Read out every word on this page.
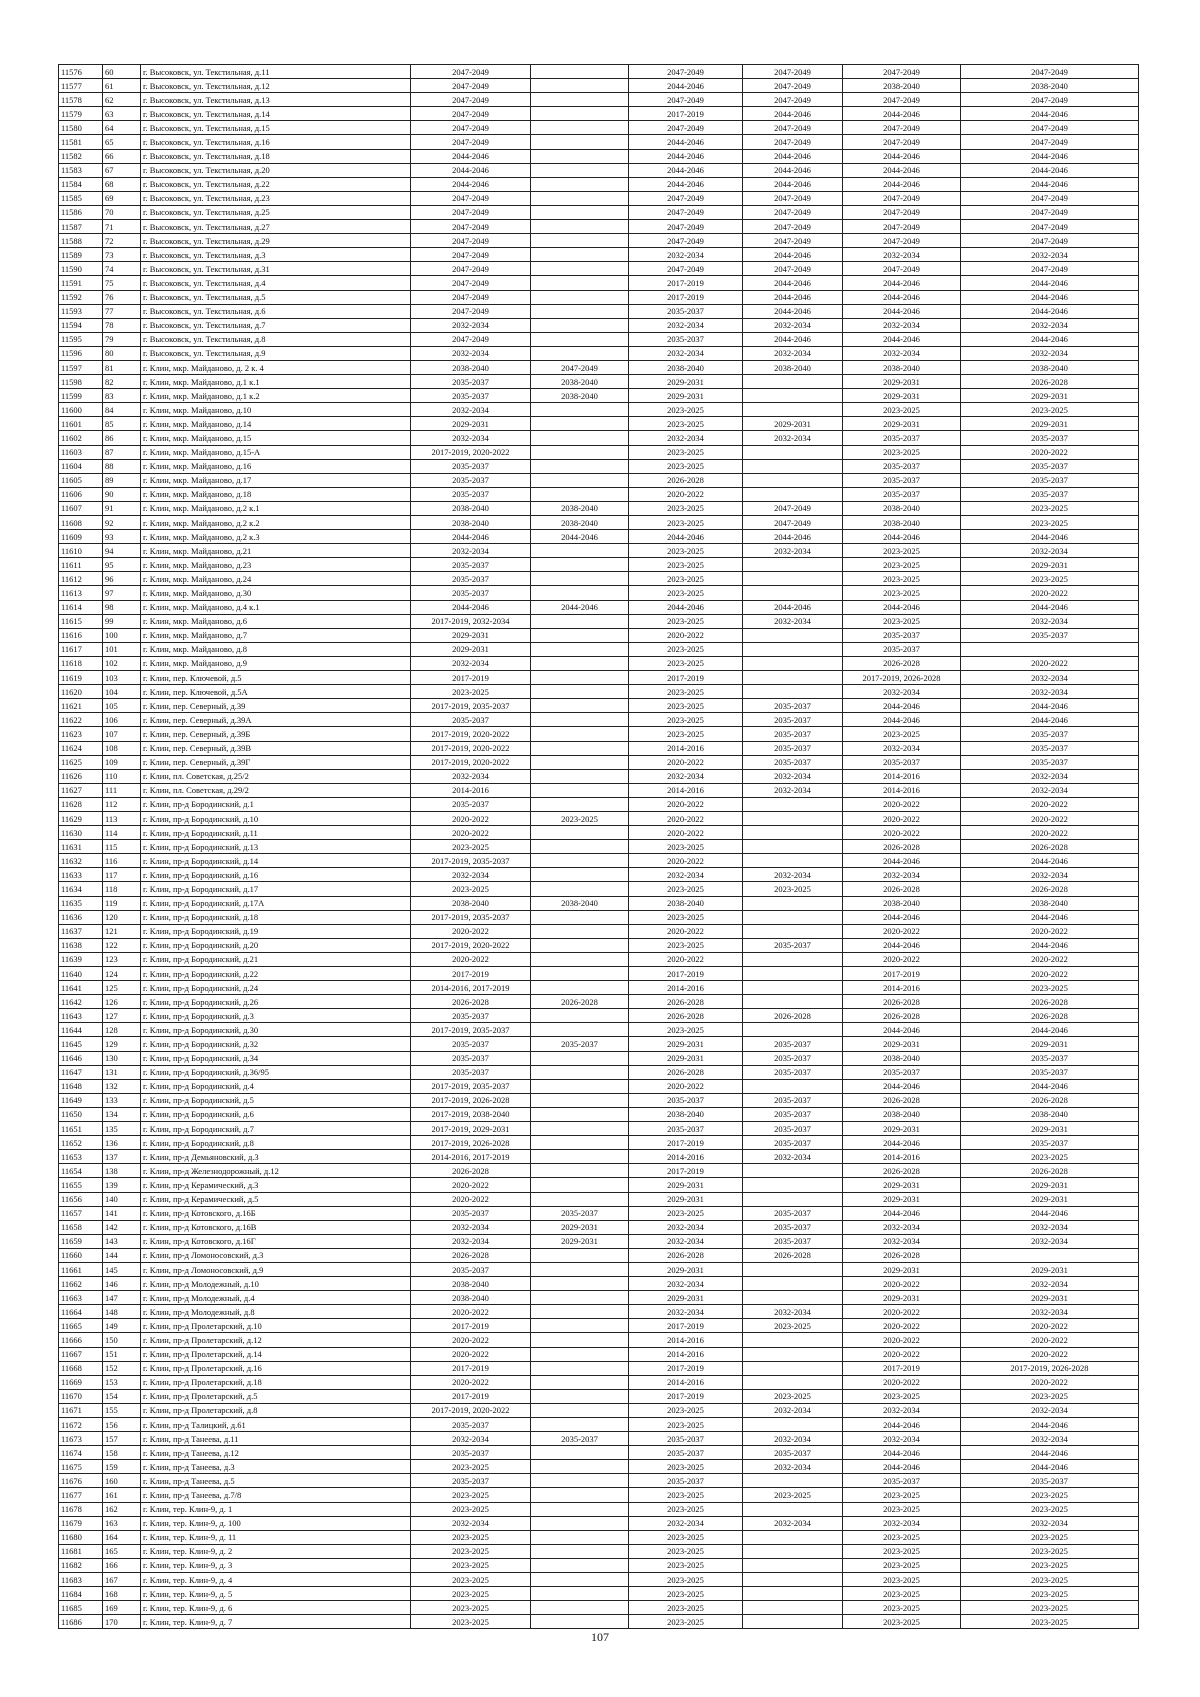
11576	60	г. Высоковск, ул. Текстильная, д.11	2047-2049		2047-2049	2047-2049	2047-2049	2047-2049
11577	61	г. Высоковск, ул. Текстильная, д.12	2047-2049		2044-2046	2047-2049	2038-2040	2038-2040
11578	62	г. Высоковск, ул. Текстильная, д.13	2047-2049		2047-2049	2047-2049	2047-2049	2047-2049
11579	63	г. Высоковск, ул. Текстильная, д.14	2047-2049		2017-2019	2044-2046	2044-2046	2044-2046
11580	64	г. Высоковск, ул. Текстильная, д.15	2047-2049		2047-2049	2047-2049	2047-2049	2047-2049
11581	65	г. Высоковск, ул. Текстильная, д.16	2047-2049		2044-2046	2047-2049	2047-2049	2047-2049
11582	66	г. Высоковск, ул. Текстильная, д.18	2044-2046		2044-2046	2044-2046	2044-2046	2044-2046
11583	67	г. Высоковск, ул. Текстильная, д.20	2044-2046		2044-2046	2044-2046	2044-2046	2044-2046
11584	68	г. Высоковск, ул. Текстильная, д.22	2044-2046		2044-2046	2044-2046	2044-2046	2044-2046
11585	69	г. Высоковск, ул. Текстильная, д.23	2047-2049		2047-2049	2047-2049	2047-2049	2047-2049
11586	70	г. Высоковск, ул. Текстильная, д.25	2047-2049		2047-2049	2047-2049	2047-2049	2047-2049
11587	71	г. Высоковск, ул. Текстильная, д.27	2047-2049		2047-2049	2047-2049	2047-2049	2047-2049
11588	72	г. Высоковск, ул. Текстильная, д.29	2047-2049		2047-2049	2047-2049	2047-2049	2047-2049
11589	73	г. Высоковск, ул. Текстильная, д.3	2047-2049		2032-2034	2044-2046	2032-2034	2032-2034
11590	74	г. Высоковск, ул. Текстильная, д.31	2047-2049		2047-2049	2047-2049	2047-2049	2047-2049
11591	75	г. Высоковск, ул. Текстильная, д.4	2047-2049		2017-2019	2044-2046	2044-2046	2044-2046
11592	76	г. Высоковск, ул. Текстильная, д.5	2047-2049		2017-2019	2044-2046	2044-2046	2044-2046
11593	77	г. Высоковск, ул. Текстильная, д.6	2047-2049		2035-2037	2044-2046	2044-2046	2044-2046
11594	78	г. Высоковск, ул. Текстильная, д.7	2032-2034		2032-2034	2032-2034	2032-2034	2032-2034
11595	79	г. Высоковск, ул. Текстильная, д.8	2047-2049		2035-2037	2044-2046	2044-2046	2044-2046
11596	80	г. Высоковск, ул. Текстильная, д.9	2032-2034		2032-2034	2032-2034	2032-2034	2032-2034
11597	81	г. Клин, мкр. Майданово, д. 2 к. 4	2038-2040	2047-2049	2038-2040	2038-2040	2038-2040	2038-2040
11598	82	г. Клин, мкр. Майданово, д.1 к.1	2035-2037	2038-2040	2029-2031		2029-2031	2026-2028
11599	83	г. Клин, мкр. Майданово, д.1 к.2	2035-2037	2038-2040	2029-2031		2029-2031	2029-2031
11600	84	г. Клин, мкр. Майданово, д.10	2032-2034		2023-2025		2023-2025	2023-2025
11601	85	г. Клин, мкр. Майданово, д.14	2029-2031		2023-2025	2029-2031	2029-2031	2029-2031
11602	86	г. Клин, мкр. Майданово, д.15	2032-2034		2032-2034	2032-2034	2035-2037	2035-2037
11603	87	г. Клин, мкр. Майданово, д.15-А	2017-2019, 2020-2022		2023-2025		2023-2025	2020-2022
11604	88	г. Клин, мкр. Майданово, д.16	2035-2037		2023-2025		2035-2037	2035-2037
11605	89	г. Клин, мкр. Майданово, д.17	2035-2037		2026-2028		2035-2037	2035-2037
11606	90	г. Клин, мкр. Майданово, д.18	2035-2037		2020-2022		2035-2037	2035-2037
11607	91	г. Клин, мкр. Майданово, д.2 к.1	2038-2040	2038-2040	2023-2025	2047-2049	2038-2040	2023-2025
11608	92	г. Клин, мкр. Майданово, д.2 к.2	2038-2040	2038-2040	2023-2025	2047-2049	2038-2040	2023-2025
11609	93	г. Клин, мкр. Майданово, д.2 к.3	2044-2046	2044-2046	2044-2046	2044-2046	2044-2046	2044-2046
11610	94	г. Клин, мкр. Майданово, д.21	2032-2034		2023-2025	2032-2034	2023-2025	2032-2034
11611	95	г. Клин, мкр. Майданово, д.23	2035-2037		2023-2025		2023-2025	2029-2031
11612	96	г. Клин, мкр. Майданово, д.24	2035-2037		2023-2025		2023-2025	2023-2025
11613	97	г. Клин, мкр. Майданово, д.30	2035-2037		2023-2025		2023-2025	2020-2022
11614	98	г. Клин, мкр. Майданово, д.4 к.1	2044-2046	2044-2046	2044-2046	2044-2046	2044-2046	2044-2046
11615	99	г. Клин, мкр. Майданово, д.6	2017-2019, 2032-2034		2023-2025	2032-2034	2023-2025	2032-2034
11616	100	г. Клин, мкр. Майданово, д.7	2029-2031		2020-2022		2035-2037	2035-2037
11617	101	г. Клин, мкр. Майданово, д.8	2029-2031		2023-2025		2035-2037	
11618	102	г. Клин, мкр. Майданово, д.9	2032-2034		2023-2025		2026-2028	2020-2022
11619	103	г. Клин, пер. Ключевой, д.5	2017-2019		2017-2019		2017-2019, 2026-2028	2032-2034
11620	104	г. Клин, пер. Ключевой, д.5А	2023-2025		2023-2025		2032-2034	2032-2034
11621	105	г. Клин, пер. Северный, д.39	2017-2019, 2035-2037		2023-2025	2035-2037	2044-2046	2044-2046
11622	106	г. Клин, пер. Северный, д.39А	2035-2037		2023-2025	2035-2037	2044-2046	2044-2046
11623	107	г. Клин, пер. Северный, д.39Б	2017-2019, 2020-2022		2023-2025	2035-2037	2023-2025	2035-2037
11624	108	г. Клин, пер. Северный, д.39В	2017-2019, 2020-2022		2014-2016	2035-2037	2032-2034	2035-2037
11625	109	г. Клин, пер. Северный, д.39Г	2017-2019, 2020-2022		2020-2022	2035-2037	2035-2037	2035-2037
11626	110	г. Клин, пл. Советская, д.25/2	2032-2034		2032-2034	2032-2034	2014-2016	2032-2034
11627	111	г. Клин, пл. Советская, д.29/2	2014-2016		2014-2016	2032-2034	2014-2016	2032-2034
11628	112	г. Клин, пр-д Бородинский, д.1	2035-2037		2020-2022		2020-2022	2020-2022
11629	113	г. Клин, пр-д Бородинский, д.10	2020-2022	2023-2025	2020-2022		2020-2022	2020-2022
11630	114	г. Клин, пр-д Бородинский, д.11	2020-2022		2020-2022		2020-2022	2020-2022
11631	115	г. Клин, пр-д Бородинский, д.13	2023-2025		2023-2025		2026-2028	2026-2028
11632	116	г. Клин, пр-д Бородинский, д.14	2017-2019, 2035-2037		2020-2022		2044-2046	2044-2046
11633	117	г. Клин, пр-д Бородинский, д.16	2032-2034		2032-2034	2032-2034	2032-2034	2032-2034
11634	118	г. Клин, пр-д Бородинский, д.17	2023-2025		2023-2025	2023-2025	2026-2028	2026-2028
11635	119	г. Клин, пр-д Бородинский, д.17А	2038-2040	2038-2040	2038-2040		2038-2040	2038-2040
11636	120	г. Клин, пр-д Бородинский, д.18	2017-2019, 2035-2037		2023-2025		2044-2046	2044-2046
11637	121	г. Клин, пр-д Бородинский, д.19	2020-2022		2020-2022		2020-2022	2020-2022
11638	122	г. Клин, пр-д Бородинский, д.20	2017-2019, 2020-2022		2023-2025	2035-2037	2044-2046	2044-2046
11639	123	г. Клин, пр-д Бородинский, д.21	2020-2022		2020-2022		2020-2022	2020-2022
11640	124	г. Клин, пр-д Бородинский, д.22	2017-2019		2017-2019		2017-2019	2020-2022
11641	125	г. Клин, пр-д Бородинский, д.24	2014-2016, 2017-2019		2014-2016		2014-2016	2023-2025
11642	126	г. Клин, пр-д Бородинский, д.26	2026-2028	2026-2028	2026-2028		2026-2028	2026-2028
11643	127	г. Клин, пр-д Бородинский, д.3	2035-2037		2026-2028	2026-2028	2026-2028	2026-2028
11644	128	г. Клин, пр-д Бородинский, д.30	2017-2019, 2035-2037		2023-2025		2044-2046	2044-2046
11645	129	г. Клин, пр-д Бородинский, д.32	2035-2037	2035-2037	2029-2031	2035-2037	2029-2031	2029-2031
11646	130	г. Клин, пр-д Бородинский, д.34	2035-2037		2029-2031	2035-2037	2038-2040	2035-2037
11647	131	г. Клин, пр-д Бородинский, д.36/95	2035-2037		2026-2028	2035-2037	2035-2037	2035-2037
11648	132	г. Клин, пр-д Бородинский, д.4	2017-2019, 2035-2037		2020-2022		2044-2046	2044-2046
11649	133	г. Клин, пр-д Бородинский, д.5	2017-2019, 2026-2028		2035-2037	2035-2037	2026-2028	2026-2028
11650	134	г. Клин, пр-д Бородинский, д.6	2017-2019, 2038-2040		2038-2040	2035-2037	2038-2040	2038-2040
11651	135	г. Клин, пр-д Бородинский, д.7	2017-2019, 2029-2031		2035-2037	2035-2037	2029-2031	2029-2031
11652	136	г. Клин, пр-д Бородинский, д.8	2017-2019, 2026-2028		2017-2019	2035-2037	2044-2046	2035-2037
11653	137	г. Клин, пр-д Демьяновский, д.3	2014-2016, 2017-2019		2014-2016	2032-2034	2014-2016	2023-2025
11654	138	г. Клин, пр-д Железнодорожный, д.12	2026-2028		2017-2019		2026-2028	2026-2028
11655	139	г. Клин, пр-д Керамический, д.3	2020-2022		2029-2031		2029-2031	2029-2031
11656	140	г. Клин, пр-д Керамический, д.5	2020-2022		2029-2031		2029-2031	2029-2031
11657	141	г. Клин, пр-д Котовского, д.16Б	2035-2037	2035-2037	2023-2025	2035-2037	2044-2046	2044-2046
11658	142	г. Клин, пр-д Котовского, д.16В	2032-2034	2029-2031	2032-2034	2035-2037	2032-2034	2032-2034
11659	143	г. Клин, пр-д Котовского, д.16Г	2032-2034	2029-2031	2032-2034	2035-2037	2032-2034	2032-2034
11660	144	г. Клин, пр-д Ломоносовский, д.3	2026-2028		2026-2028	2026-2028	2026-2028	
11661	145	г. Клин, пр-д Ломоносовский, д.9	2035-2037		2029-2031		2029-2031	2029-2031
11662	146	г. Клин, пр-д Молодежный, д.10	2038-2040		2032-2034		2020-2022	2032-2034
11663	147	г. Клин, пр-д Молодежный, д.4	2038-2040		2029-2031		2029-2031	2029-2031
11664	148	г. Клин, пр-д Молодежный, д.8	2020-2022		2032-2034	2032-2034	2020-2022	2032-2034
11665	149	г. Клин, пр-д Пролетарский, д.10	2017-2019		2017-2019	2023-2025	2020-2022	2020-2022
11666	150	г. Клин, пр-д Пролетарский, д.12	2020-2022		2014-2016		2020-2022	2020-2022
11667	151	г. Клин, пр-д Пролетарский, д.14	2020-2022		2014-2016		2020-2022	2020-2022
11668	152	г. Клин, пр-д Пролетарский, д.16	2017-2019		2017-2019		2017-2019	2017-2019, 2026-2028
11669	153	г. Клин, пр-д Пролетарский, д.18	2020-2022		2014-2016		2020-2022	2020-2022
11670	154	г. Клин, пр-д Пролетарский, д.5	2017-2019		2017-2019	2023-2025	2023-2025	2023-2025
11671	155	г. Клин, пр-д Пролетарский, д.8	2017-2019, 2020-2022		2023-2025	2032-2034	2032-2034	2032-2034
11672	156	г. Клин, пр-д Талицкий, д.61	2035-2037		2023-2025		2044-2046	2044-2046
11673	157	г. Клин, пр-д Танеева, д.11	2032-2034	2035-2037	2035-2037	2032-2034	2032-2034	2032-2034
11674	158	г. Клин, пр-д Танеева, д.12	2035-2037		2035-2037	2035-2037	2044-2046	2044-2046
11675	159	г. Клин, пр-д Танеева, д.3	2023-2025		2023-2025	2032-2034	2044-2046	2044-2046
11676	160	г. Клин, пр-д Танеева, д.5	2035-2037		2035-2037		2035-2037	2035-2037
11677	161	г. Клин, пр-д Танеева, д.7/8	2023-2025		2023-2025	2023-2025	2023-2025	2023-2025
11678	162	г. Клин, тер. Клин-9, д. 1	2023-2025		2023-2025		2023-2025	2023-2025
11679	163	г. Клин, тер. Клин-9, д. 100	2032-2034		2032-2034	2032-2034	2032-2034	2032-2034
11680	164	г. Клин, тер. Клин-9, д. 11	2023-2025		2023-2025		2023-2025	2023-2025
11681	165	г. Клин, тер. Клин-9, д. 2	2023-2025		2023-2025		2023-2025	2023-2025
11682	166	г. Клин, тер. Клин-9, д. 3	2023-2025		2023-2025		2023-2025	2023-2025
11683	167	г. Клин, тер. Клин-9, д. 4	2023-2025		2023-2025		2023-2025	2023-2025
11684	168	г. Клин, тер. Клин-9, д. 5	2023-2025		2023-2025		2023-2025	2023-2025
11685	169	г. Клин, тер. Клин-9, д. 6	2023-2025		2023-2025		2023-2025	2023-2025
11686	170	г. Клин, тер. Клин-9, д. 7	2023-2025		2023-2025		2023-2025	2023-2025
107
